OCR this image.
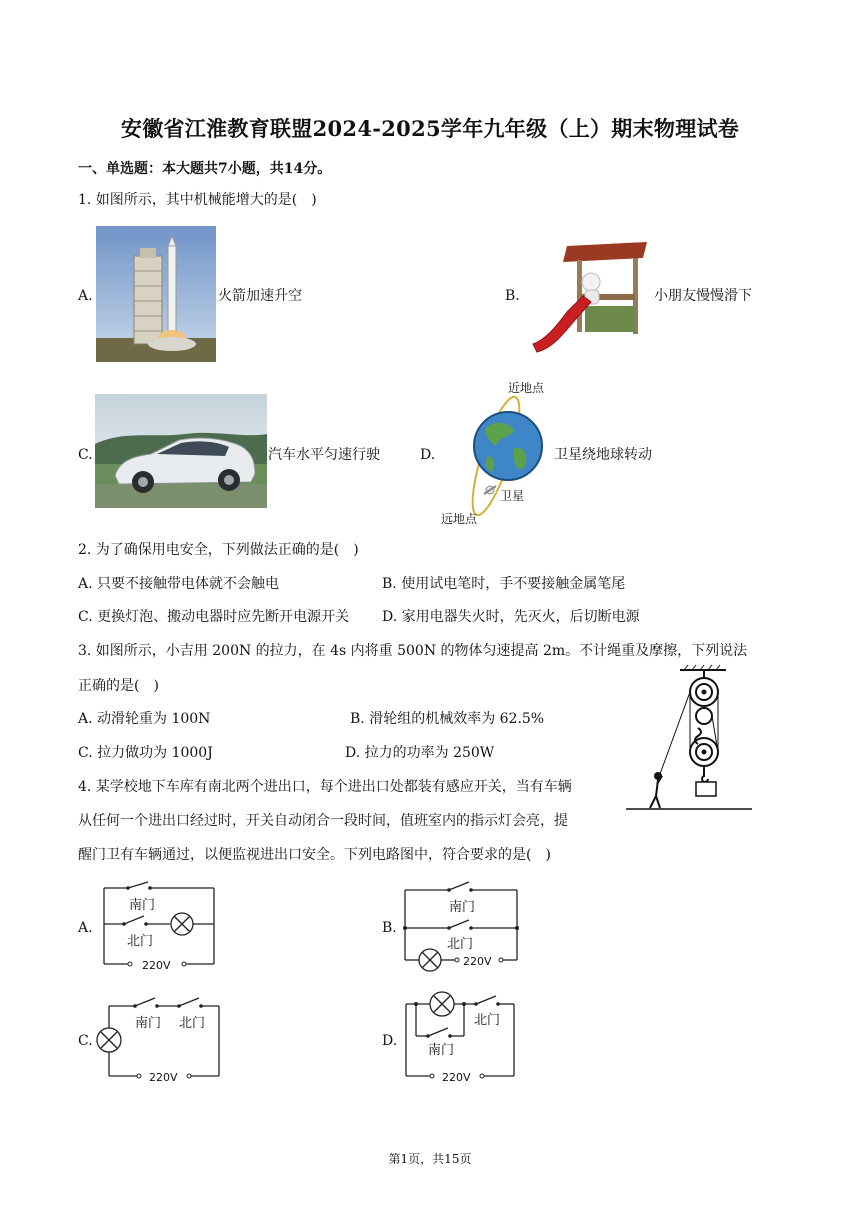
安徽省江淮教育联盟2024-2025学年九年级（上）期末物理试卷
一、单选题：本大题共7小题，共14分。
1. 如图所示，其中机械能增大的是(　)
A.	火箭加速升空	B.	小朋友慢慢滑下
C.	汽车水平匀速行驶	D.
近地点
卫星
远地点
卫星绕地球转动
2. 为了确保用电安全，下列做法正确的是(　)
A. 只要不接触带电体就不会触电	B. 使用试电笔时，手不要接触金属笔尾
C. 更换灯泡、搬动电器时应先断开电源开关 D. 家用电器失火时，先灭火，后切断电源
3. 如图所示，小吉用 200N 的拉力，在 4s 内将重 500N 的物体匀速提高 2m。不计绳重及摩擦，下列说法
正确的是(　)
A. 动滑轮重为 100N	B. 滑轮组的机械效率为 62.5%
C. 拉力做功为 1000J	D. 拉力的功率为 250W
4. 某学校地下车库有南北两个进出口，每个进出口处都装有感应开关，当有车辆
从任何一个进出口经过时，开关自动闭合一段时间，值班室内的指示灯会亮，提
醒门卫有车辆通过，以便监视进出口安全。下列电路图中，符合要求的是(　)
A.
南门
北门
220V
B.
南门
北门
220V
C.
南门 北门
220V
D.
北门
南门
220V
第1页，共15页
